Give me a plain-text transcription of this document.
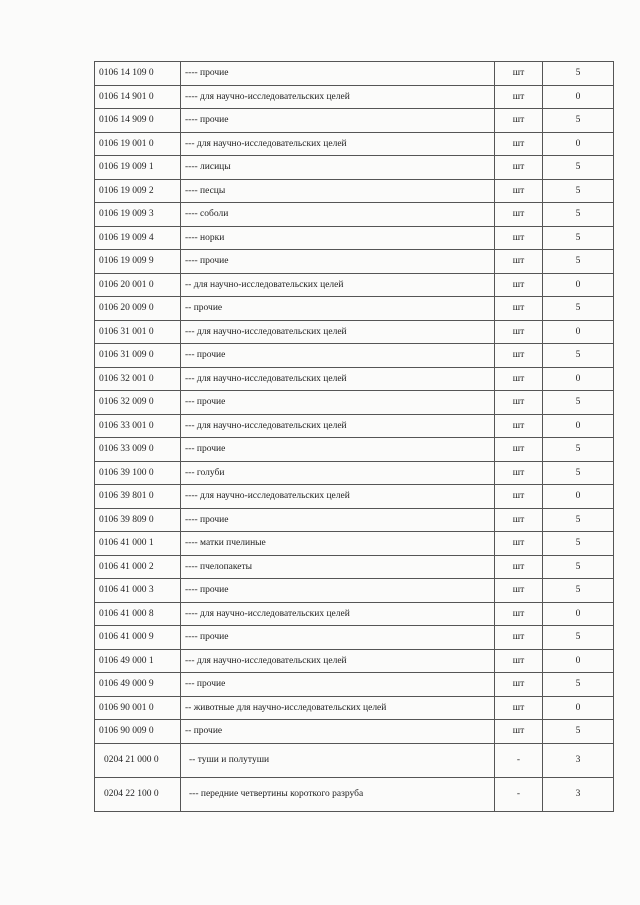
0106 14 109 0	---- прочие	шт	5
0106 14 901 0	---- для научно-исследовательских целей	шт	0
0106 14 909 0	---- прочие	шт	5
0106 19 001 0	--- для научно-исследовательских целей	шт	0
0106 19 009 1	---- лисицы	шт	5
0106 19 009 2	---- песцы	шт	5
0106 19 009 3	---- соболи	шт	5
0106 19 009 4	---- норки	шт	5
0106 19 009 9	---- прочие	шт	5
0106 20 001 0	-- для научно-исследовательских целей	шт	0
0106 20 009 0	-- прочие	шт	5
0106 31 001 0	--- для научно-исследовательских целей	шт	0
0106 31 009 0	--- прочие	шт	5
0106 32 001 0	--- для научно-исследовательских целей	шт	0
0106 32 009 0	--- прочие	шт	5
0106 33 001 0	--- для научно-исследовательских целей	шт	0
0106 33 009 0	--- прочие	шт	5
0106 39 100 0	--- голуби	шт	5
0106 39 801 0	---- для научно-исследовательских целей	шт	0
0106 39 809 0	---- прочие	шт	5
0106 41 000 1	---- матки пчелиные	шт	5
0106 41 000 2	---- пчелопакеты	шт	5
0106 41 000 3	---- прочие	шт	5
0106 41 000 8	---- для научно-исследовательских целей	шт	0
0106 41 000 9	---- прочие	шт	5
0106 49 000 1	--- для научно-исследовательских целей	шт	0
0106 49 000 9	--- прочие	шт	5
0106 90 001 0	-- животные для научно-исследовательских целей	шт	0
0106 90 009 0	-- прочие	шт	5
0204 21 000 0	-- туши и полутуши	-	3
0204 22 100 0	--- передние четвертины короткого разруба	-	3
